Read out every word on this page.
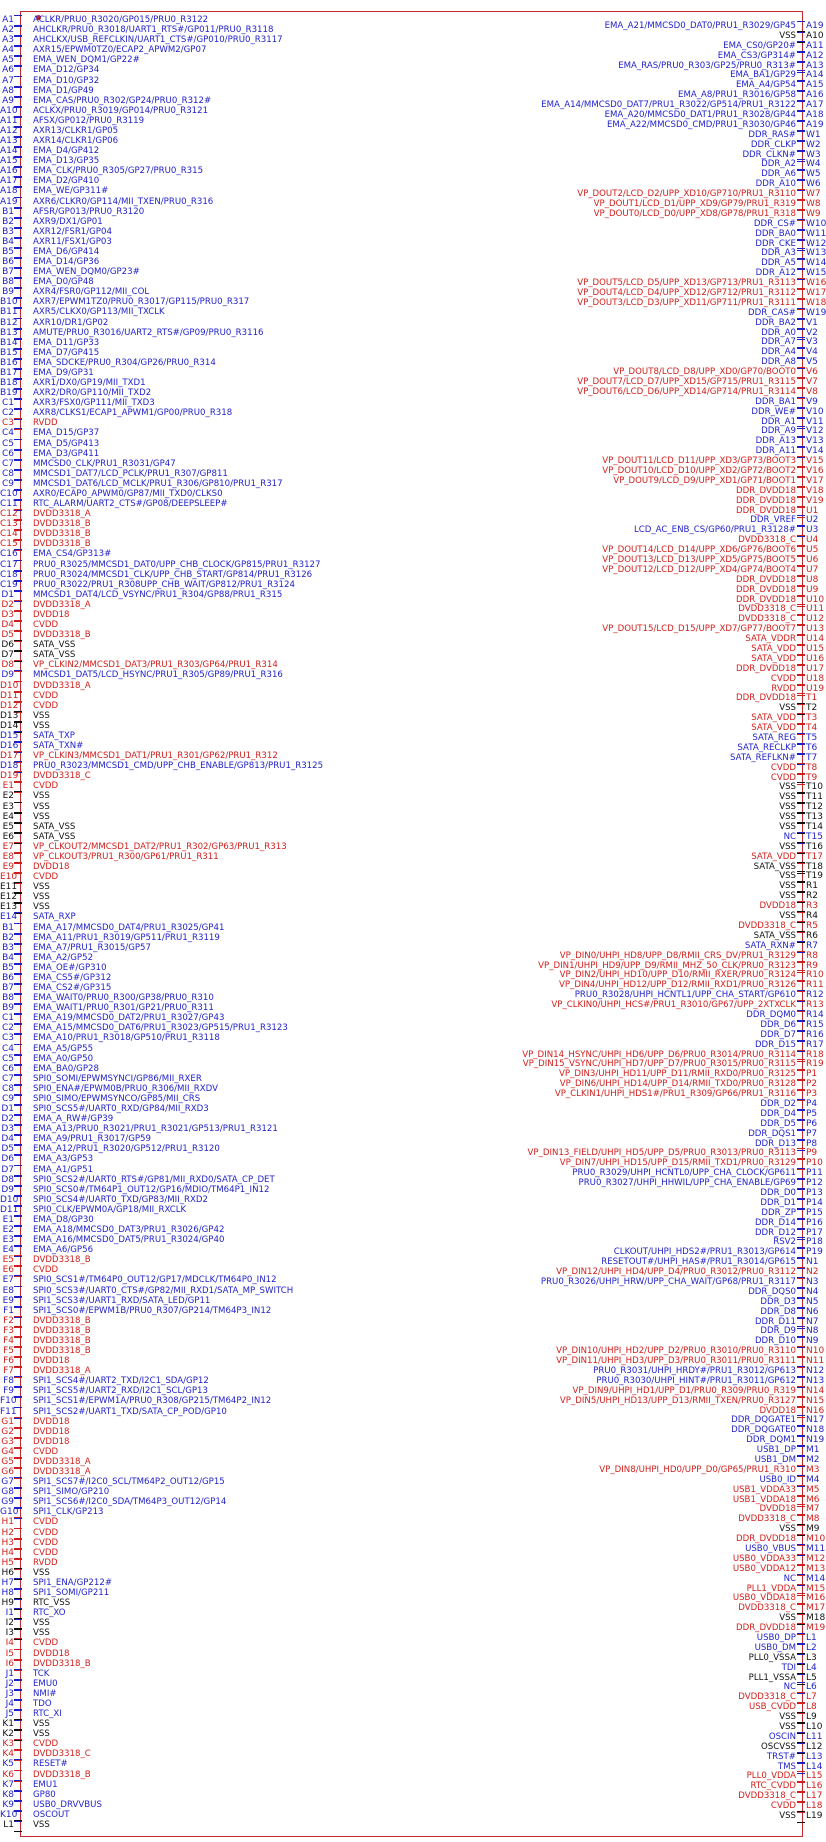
A1 ACLKR/PRU0_R3020/GP015/PRU0_R3122
A2 AHCLKR/PRU0_R3018/UART1_RTS#/GP011/PRU0_R3118
A3 AHCLKX/USB_REFCLKIN/UART1_CTS#/GP010/PRU0_R3117
A4 AXR15/EPWM0TZ0/ECAP2_APWM2/GP07
A5 EMA_WEN_DQM1/GP22#
A6 EMA_D12/GP34
A7 EMA_D10/GP32
A8 EMA_D1/GP49
A9 EMA_CAS/PRU0_R302/GP24/PRU0_R312#
A10 ACLKX/PRU0_R3019/GP014/PRU0_R3121
A11 AFSX/GP012/PRU0_R3119
A12 AXR13/CLKR1/GP05
A13 AXR14/CLKR1/GP06
A14 EMA_D4/GP412
A15 EMA_D13/GP35
A16 EMA_CLK/PRU0_R305/GP27/PRU0_R315
A17 EMA_D2/GP410
A18 EMA_WE/GP311#
A19 AXR6/CLKR0/GP114/MII_TXEN/PRU0_R316
B1 AFSR/GP013/PRU0_R3120
B2 AXR9/DX1/GP01
B3 AXR12/FSR1/GP04
B4 AXR11/FSX1/GP03
B5 EMA_D6/GP414
B6 EMA_D14/GP36
B7 EMA_WEN_DQM0/GP23#
B8 EMA_D0/GP48
B9 AXR4/FSR0/GP112/MII_COL
B10 AXR7/EPWM1TZ0/PRU0_R3017/GP115/PRU0_R317
B11 AXR5/CLKX0/GP113/MII_TXCLK
B12 AXR10/DR1/GP02
B13 AMUTE/PRU0_R3016/UART2_RTS#/GP09/PRU0_R3116
B14 EMA_D11/GP33
B15 EMA_D7/GP415
B16 EMA_SDCKE/PRU0_R304/GP26/PRU0_R314
B17 EMA_D9/GP31
B18 AXR1/DX0/GP19/MII_TXD1
B19 AXR2/DR0/GP110/MII_TXD2
C1 AXR3/FSX0/GP111/MII_TXD3
C2 AXR8/CLKS1/ECAP1_APWM1/GP00/PRU0_R318
C3 RVDD
C4 EMA_D15/GP37
C5 EMA_D5/GP413
C6 EMA_D3/GP411
C7 MMCSD0_CLK/PRU1_R3031/GP47
C8 MMCSD1_DAT7/LCD_PCLK/PRU1_R307/GP811
C9 MMCSD1_DAT6/LCD_MCLK/PRU1_R306/GP810/PRU1_R317
C10 AXR0/ECAP0_APWM0/GP87/MII_TXD0/CLKS0
C11 RTC_ALARM/UART2_CTS#/GP08/DEEPSLEEP#
C12 DVDD3318_A
C13 DVDD3318_B
C14 DVDD3318_B
C15 DVDD3318_B
C16 EMA_CS4/GP313#
C17 PRU0_R3025/MMCSD1_DAT0/UPP_CHB_CLOCK/GP815/PRU1_R3127
C18 PRU0_R3024/MMCSD1_CLK/UPP_CHB_START/GP814/PRU1_R3126
C19 PRU0_R3022/PRU1_R308UPP_CHB_WAIT/GP812/PRU1_R3124
D1 MMCSD1_DAT4/LCD_VSYNC/PRU1_R304/GP88/PRU1_R315
D2 DVDD3318_A
D3 DVDD18
D4 CVDD
D5 DVDD3318_B
D6 SATA_VSS
D7 SATA_VSS
D8 VP_CLKIN2/MMCSD1_DAT3/PRU1_R303/GP64/PRU1_R314
D9 MMCSD1_DAT5/LCD_HSYNC/PRU1_R305/GP89/PRU1_R316
D10 DVDD3318_A
D11 CVDD
D12 CVDD
D13 VSS
D14 VSS
D15 SATA_TXP
D16 SATA_TXN#
D17 VP_CLKIN3/MMCSD1_DAT1/PRU1_R301/GP62/PRU1_R312
D18 PRU0_R3023/MMCSD1_CMD/UPP_CHB_ENABLE/GP813/PRU1_R3125
D19 DVDD3318_C
E1 CVDD
E2 VSS
E3 VSS
E4 VSS
E5 SATA_VSS
E6 SATA_VSS
E7 VP_CLKOUT2/MMCSD1_DAT2/PRU1_R302/GP63/PRU1_R313
E8 VP_CLKOUT3/PRU1_R300/GP61/PRU1_R311
E9 DVDD18
E10 CVDD
E11 VSS
E12 VSS
E13 VSS
E14 SATA_RXP
B1 EMA_A17/MMCSD0_DAT4/PRU1_R3025/GP41
B2 EMA_A11/PRU1_R3019/GP511/PRU1_R3119
B3 EMA_A7/PRU1_R3015/GP57
B4 EMA_A2/GP52
B5 EMA_OE#/GP310
B6 EMA_CS5#/GP312
B7 EMA_CS2#/GP315
B8 EMA_WAIT0/PRU0_R300/GP38/PRU0_R310
B9 EMA_WAIT1/PRU0_R301/GP21/PRU0_R311
C1 EMA_A19/MMCSD0_DAT2/PRU1_R3027/GP43
C2 EMA_A15/MMCSD0_DAT6/PRU1_R3023/GP515/PRU1_R3123
C3 EMA_A10/PRU1_R3018/GP510/PRU1_R3118
C4 EMA_A5/GP55
C5 EMA_A0/GP50
C6 EMA_BA0/GP28
C7 SPI0_SOMI/EPWMSYNCI/GP86/MII_RXER
C8 SPI0_ENA#/EPWM0B/PRU0_R306/MII_RXDV
C9 SPI0_SIMO/EPWMSYNCO/GP85/MII_CRS
D1 SPI0_SCS5#/UART0_RXD/GP84/MII_RXD3
D2 EMA_A_RW#/GP39
D3 EMA_A13/PRU0_R3021/PRU1_R3021/GP513/PRU1_R3121
D4 EMA_A9/PRU1_R3017/GP59
D5 EMA_A12/PRU1_R3020/GP512/PRU1_R3120
D6 EMA_A3/GP53
D7 EMA_A1/GP51
D8 SPI0_SCS2#/UART0_RTS#/GP81/MII_RXD0/SATA_CP_DET
D9 SPI0_SCS0#/TM64P1_OUT12/GP16/MDIO/TM64P1_IN12
D10 SPI0_SCS4#/UART0_TXD/GP83/MII_RXD2
D11 SPI0_CLK/EPWM0A/GP18/MII_RXCLK
E1 EMA_D8/GP30
E2 EMA_A18/MMCSD0_DAT3/PRU1_R3026/GP42
E3 EMA_A16/MMCSD0_DAT5/PRU1_R3024/GP40
E4 EMA_A6/GP56
E5 DVDD3318_B
E6 CVDD
E7 SPI0_SCS1#/TM64P0_OUT12/GP17/MDCLK/TM64P0_IN12
E8 SPI0_SCS3#/UART0_CTS#/GP82/MII_RXD1/SATA_MP_SWITCH
E9 SPI1_SCS3#/UART1_RXD/SATA_LED/GP11
F1 SPI1_SCS0#/EPWM1B/PRU0_R307/GP214/TM64P3_IN12
F2 DVDD3318_B
F3 DVDD3318_B
F4 DVDD3318_B
F5 DVDD3318_B
F6 DVDD18
F7 DVDD3318_A
F8 SPI1_SCS4#/UART2_TXD/I2C1_SDA/GP12
F9 SPI1_SCS5#/UART2_RXD/I2C1_SCL/GP13
F10 SPI1_SCS1#/EPWM1A/PRU0_R308/GP215/TM64P2_IN12
F11 SPI1_SCS2#/UART1_TXD/SATA_CP_POD/GP10
G1 DVDD18
G2 DVDD18
G3 DVDD18
G4 CVDD
G5 DVDD3318_A
G6 DVDD3318_A
G7 SPI1_SCS7#/I2C0_SCL/TM64P2_OUT12/GP15
G8 SPI1_SIMO/GP210
G9 SPI1_SCS6#/I2C0_SDA/TM64P3_OUT12/GP14
G10 SPI1_CLK/GP213
H1 CVDD
H2 CVDD
H3 CVDD
H4 CVDD
H5 RVDD
H6 VSS
H7 SPI1_ENA/GP212#
H8 SPI1_SOMI/GP211
H9 RTC_VSS
I1 RTC_XO
I2 VSS
I3 VSS
I4 CVDD
I5 DVDD18
I6 DVDD3318_B
J1 TCK
J2 EMU0
J3 NMI#
J4 TDO
J5 RTC_XI
K1 VSS
K2 VSS
K3 CVDD
K4 DVDD3318_C
K5 RESET#
K6 DVDD3318_B
K7 EMU1
K8 GP80
K9 USB0_DRVVBUS
K10 OSCOUT
L1 VSS
A19
EMA_A21/MMCSD0_DAT0/PRU1_R3029/GP45
A10
VSS
A11
EMA_CS0/GP20#
A12
EMA_CS3/GP314#
A13
EMA_RAS/PRU0_R303/GP25/PRU0_R313#
A14
EMA_BA1/GP29
A15
EMA_A4/GP54
A16
EMA_A8/PRU1_R3016/GP58
A17
EMA_A14/MMCSD0_DAT7/PRU1_R3022/GP514/PRU1_R3122
A18
EMA_A20/MMCSD0_DAT1/PRU1_R3028/GP44
A19
EMA_A22/MMCSD0_CMD/PRU1_R3030/GP46
W1
DDR_RAS#
W2
DDR_CLKP
W3
DDR_CLKN#
W4
DDR_A2
W5
DDR_A6
W6
DDR_A10
W7
VP_DOUT2/LCD_D2/UPP_XD10/GP710/PRU1_R3110
W8
VP_DOUT1/LCD_D1/UPP_XD9/GP79/PRU1_R319
W9
VP_DOUT0/LCD_D0/UPP_XD8/GP78/PRU1_R318
W10
DDR_CS#
W11
DDR_BA0
W12
DDR_CKE
W13
DDR_A3
W14
DDR_A5
W15
DDR_A12
W16
VP_DOUT5/LCD_D5/UPP_XD13/GP713/PRU1_R3113
W17
VP_DOUT4/LCD_D4/UPP_XD12/GP712/PRU1_R3112
W18
VP_DOUT3/LCD_D3/UPP_XD11/GP711/PRU1_R3111
W19
DDR_CAS#
V1
DDR_BA2
V2
DDR_A0
V3
DDR_A7
V4
DDR_A4
V5
DDR_A8
V6
VP_DOUT8/LCD_D8/UPP_XD0/GP70/BOOT0
V7
VP_DOUT7/LCD_D7/UPP_XD15/GP715/PRU1_R3115
V8
VP_DOUT6/LCD_D6/UPP_XD14/GP714/PRU1_R3114
V9
DDR_BA1
V10
DDR_WE#
V11
DDR_A1
V12
DDR_A9
V13
DDR_A13
V14
DDR_A11
V15
VP_DOUT11/LCD_D11/UPP_XD3/GP73/BOOT3
V16
VP_DOUT10/LCD_D10/UPP_XD2/GP72/BOOT2
V17
VP_DOUT9/LCD_D9/UPP_XD1/GP71/BOOT1
V18
DDR_DVDD18
V19
DDR_DVDD18
U1
DDR_DVDD18
U2
DDR_VREF
U3
LCD_AC_ENB_CS/GP60/PRU1_R3128#
U4
DVDD3318_C
U5
VP_DOUT14/LCD_D14/UPP_XD6/GP76/BOOT6
U6
VP_DOUT13/LCD_D13/UPP_XD5/GP75/BOOT5
U7
VP_DOUT12/LCD_D12/UPP_XD4/GP74/BOOT4
U8
DDR_DVDD18
U9
DDR_DVDD18
U10
DDR_DVDD18
U11
DVDD3318_C
U12
DVDD3318_C
U13
VP_DOUT15/LCD_D15/UPP_XD7/GP77/BOOT7
U14
SATA_VDDR
U15
SATA_VDD
U16
SATA_VDD
U17
DDR_DVDD18
U18
CVDD
U19
RVDD
T1
DDR_DVDD18
T2
VSS
T3
SATA_VDD
T4
SATA_VDD
T5
SATA_REG
T6
SATA_RECLKP
T7
SATA_REFLKN#
T8
CVDD
T9
CVDD
T10
VSS
T11
VSS
T12
VSS
T13
VSS
T14
VSS
T15
NC
T16
VSS
T17
SATA_VDD
T18
SATA_VSS
T19
VSS
R1
VSS
R2
VSS
R3
DVDD18
R4
VSS
R5
DVDD3318_C
R6
SATA_VSS
R7
SATA_RXN#
R8
VP_DIN0/UHPI_HD8/UPP_D8/RMII_CRS_DV/PRU1_R3129
R9
VP_DIN1/UHPI_HD9/UPP_D9/RMII_MHZ_50_CLK/PRU0_R3123
R10
VP_DIN2/UHPI_HD10/UPP_D10/RMII_RXER/PRU0_R3124
R11
VP_DIN4/UHPI_HD12/UPP_D12/RMII_RXD1/PRU0_R3126
R12
PRU0_R3028/UHPI_HCNTL1/UPP_CHA_START/GP610
R13
VP_CLKIN0/UHPI_HCS#/PRU1_R3010/GP67/UPP_2XTXCLK
R14
DDR_DQM0
R15
DDR_D6
R16
DDR_D7
R17
DDR_D15
R18
VP_DIN14_HSYNC/UHPI_HD6/UPP_D6/PRU0_R3014/PRU0_R3114
R19
VP_DIN15_VSYNC/UHPI_HD7/UPP_D7/PRU0_R3015/PRU0_R3115
P1
VP_DIN3/UHPI_HD11/UPP_D11/RMII_RXD0/PRU0_R3125
P2
VP_DIN6/UHPI_HD14/UPP_D14/RMII_TXD0/PRU0_R3128
P3
VP_CLKIN1/UHPI_HDS1#/PRU1_R309/GP66/PRU1_R3116
P4
DDR_D2
P5
DDR_D4
P6
DDR_D5
P7
DDR_DQS1
P8
DDR_D13
P9
VP_DIN13_FIELD/UHPI_HD5/UPP_D5/PRU0_R3013/PRU0_R3113
P10
VP_DIN7/UHPI_HD15/UPP_D15/RMII_TXD1/PRU0_R3129
P11
PRU0_R3029/UHPI_HCNTL0/UPP_CHA_CLOCK/GP611
P12
PRU0_R3027/UHPI_HHWIL/UPP_CHA_ENABLE/GP69
P13
DDR_D0
P14
DDR_D1
P15
DDR_ZP
P16
DDR_D14
P17
DDR_D12
P18
RSV2
P19
CLKOUT/UHPI_HDS2#/PRU1_R3013/GP614
N1
RESETOUT#/UHPI_HAS#/PRU1_R3014/GP615
N2
VP_DIN12/UHPI_HD4/UPP_D4/PRU0_R3012/PRU0_R3112
N3
PRU0_R3026/UHPI_HRW/UPP_CHA_WAIT/GP68/PRU1_R3117
N4
DDR_DQS0
N5
DDR_D3
N6
DDR_D8
N7
DDR_D11
N8
DDR_D9
N9
DDR_D10
N10
VP_DIN10/UHPI_HD2/UPP_D2/PRU0_R3010/PRU0_R3110
N11
VP_DIN11/UHPI_HD3/UPP_D3/PRU0_R3011/PRU0_R3111
N12
PRU0_R3031/UHPI_HRDY#/PRU1_R3012/GP613
N13
PRU0_R3030/UHPI_HINT#/PRU1_R3011/GP612
N14
VP_DIN9/UHPI_HD1/UPP_D1/PRU0_R309/PRU0_R319
N15
VP_DIN5/UHPI_HD13/UPP_D13/RMII_TXEN/PRU0_R3127
N16
DVDD18
N17
DDR_DQGATE1
N18
DDR_DQGATE0
N19
DDR_DQM1
M1
USB1_DP
M2
USB1_DM
M3
VP_DIN8/UHPI_HD0/UPP_D0/GP65/PRU1_R310
M4
USB0_ID
M5
USB1_VDDA33
M6
USB1_VDDA18
M7
DVDD18
M8
DVDD3318_C
M9
VSS
M10
DDR_DVDD18
M11
USB0_VBUS
M12
USB0_VDDA33
M13
USB0_VDDA12
M14
NC
M15
PLL1_VDDA
M16
USB0_VDDA18
M17
DVDD3318_C
M18
VSS
M19
DDR_DVDD18
L1
USB0_DP
L2
USB0_DM
L3
PLL0_VSSA
L4
TDI
L5
PLL1_VSSA
L6
NC
L7
DVDD3318_C
L8
USB_CVDD
L9
VSS
L10
VSS
L11
OSCIN
L12
OSCVSS
L13
TRST#
L14
TMS
L15
PLL0_VDDA
L16
RTC_CVDD
L17
DVDD3318_C
L18
CVDD
L19
VSS
